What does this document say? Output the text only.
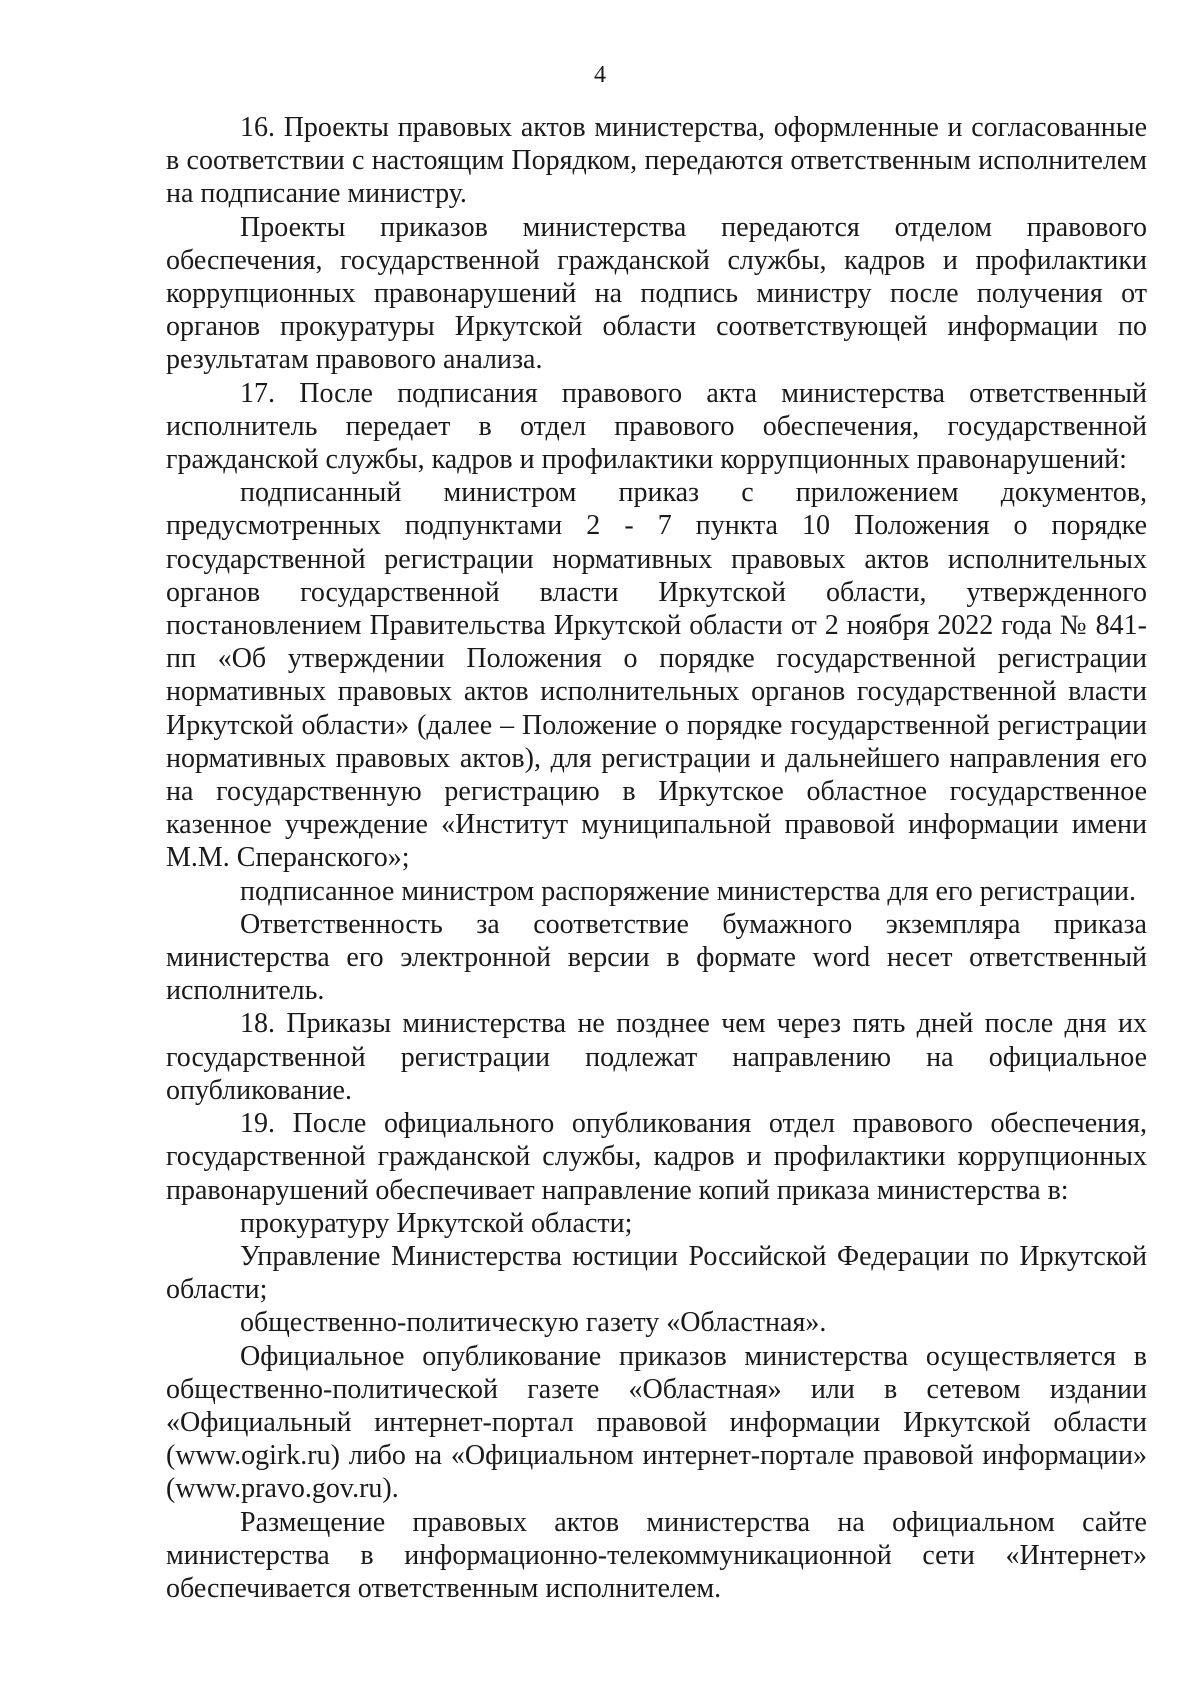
4

16. Проекты правовых актов министерства, оформленные и согласованные в соответствии с настоящим Порядком, передаются ответственным исполнителем на подписание министру.

Проекты приказов министерства передаются отделом правового обеспечения, государственной гражданской службы, кадров и профилактики коррупционных правонарушений на подпись министру после получения от органов прокуратуры Иркутской области соответствующей информации по результатам правового анализа.

17. После подписания правового акта министерства ответственный исполнитель передает в отдел правового обеспечения, государственной гражданской службы, кадров и профилактики коррупционных правонарушений:

подписанный министром приказ с приложением документов, предусмотренных подпунктами 2 - 7 пункта 10 Положения о порядке государственной регистрации нормативных правовых актов исполнительных органов государственной власти Иркутской области, утвержденного постановлением Правительства Иркутской области от 2 ноября 2022 года № 841-пп «Об утверждении Положения о порядке государственной регистрации нормативных правовых актов исполнительных органов государственной власти Иркутской области» (далее – Положение о порядке государственной регистрации нормативных правовых актов), для регистрации и дальнейшего направления его на государственную регистрацию в Иркутское областное государственное казенное учреждение «Институт муниципальной правовой информации имени М.М. Сперанского»;

подписанное министром распоряжение министерства для его регистрации.

Ответственность за соответствие бумажного экземпляра приказа министерства его электронной версии в формате word несет ответственный исполнитель.

18. Приказы министерства не позднее чем через пять дней после дня их государственной регистрации подлежат направлению на официальное опубликование.

19. После официального опубликования отдел правового обеспечения, государственной гражданской службы, кадров и профилактики коррупционных правонарушений обеспечивает направление копий приказа министерства в:

прокуратуру Иркутской области;

Управление Министерства юстиции Российской Федерации по Иркутской области;

общественно-политическую газету «Областная».

Официальное опубликование приказов министерства осуществляется в общественно-политической газете «Областная» или в сетевом издании «Официальный интернет-портал правовой информации Иркутской области (www.ogirk.ru) либо на «Официальном интернет-портале правовой информации» (www.pravo.gov.ru).

Размещение правовых актов министерства на официальном сайте министерства в информационно-телекоммуникационной сети «Интернет» обеспечивается ответственным исполнителем.
